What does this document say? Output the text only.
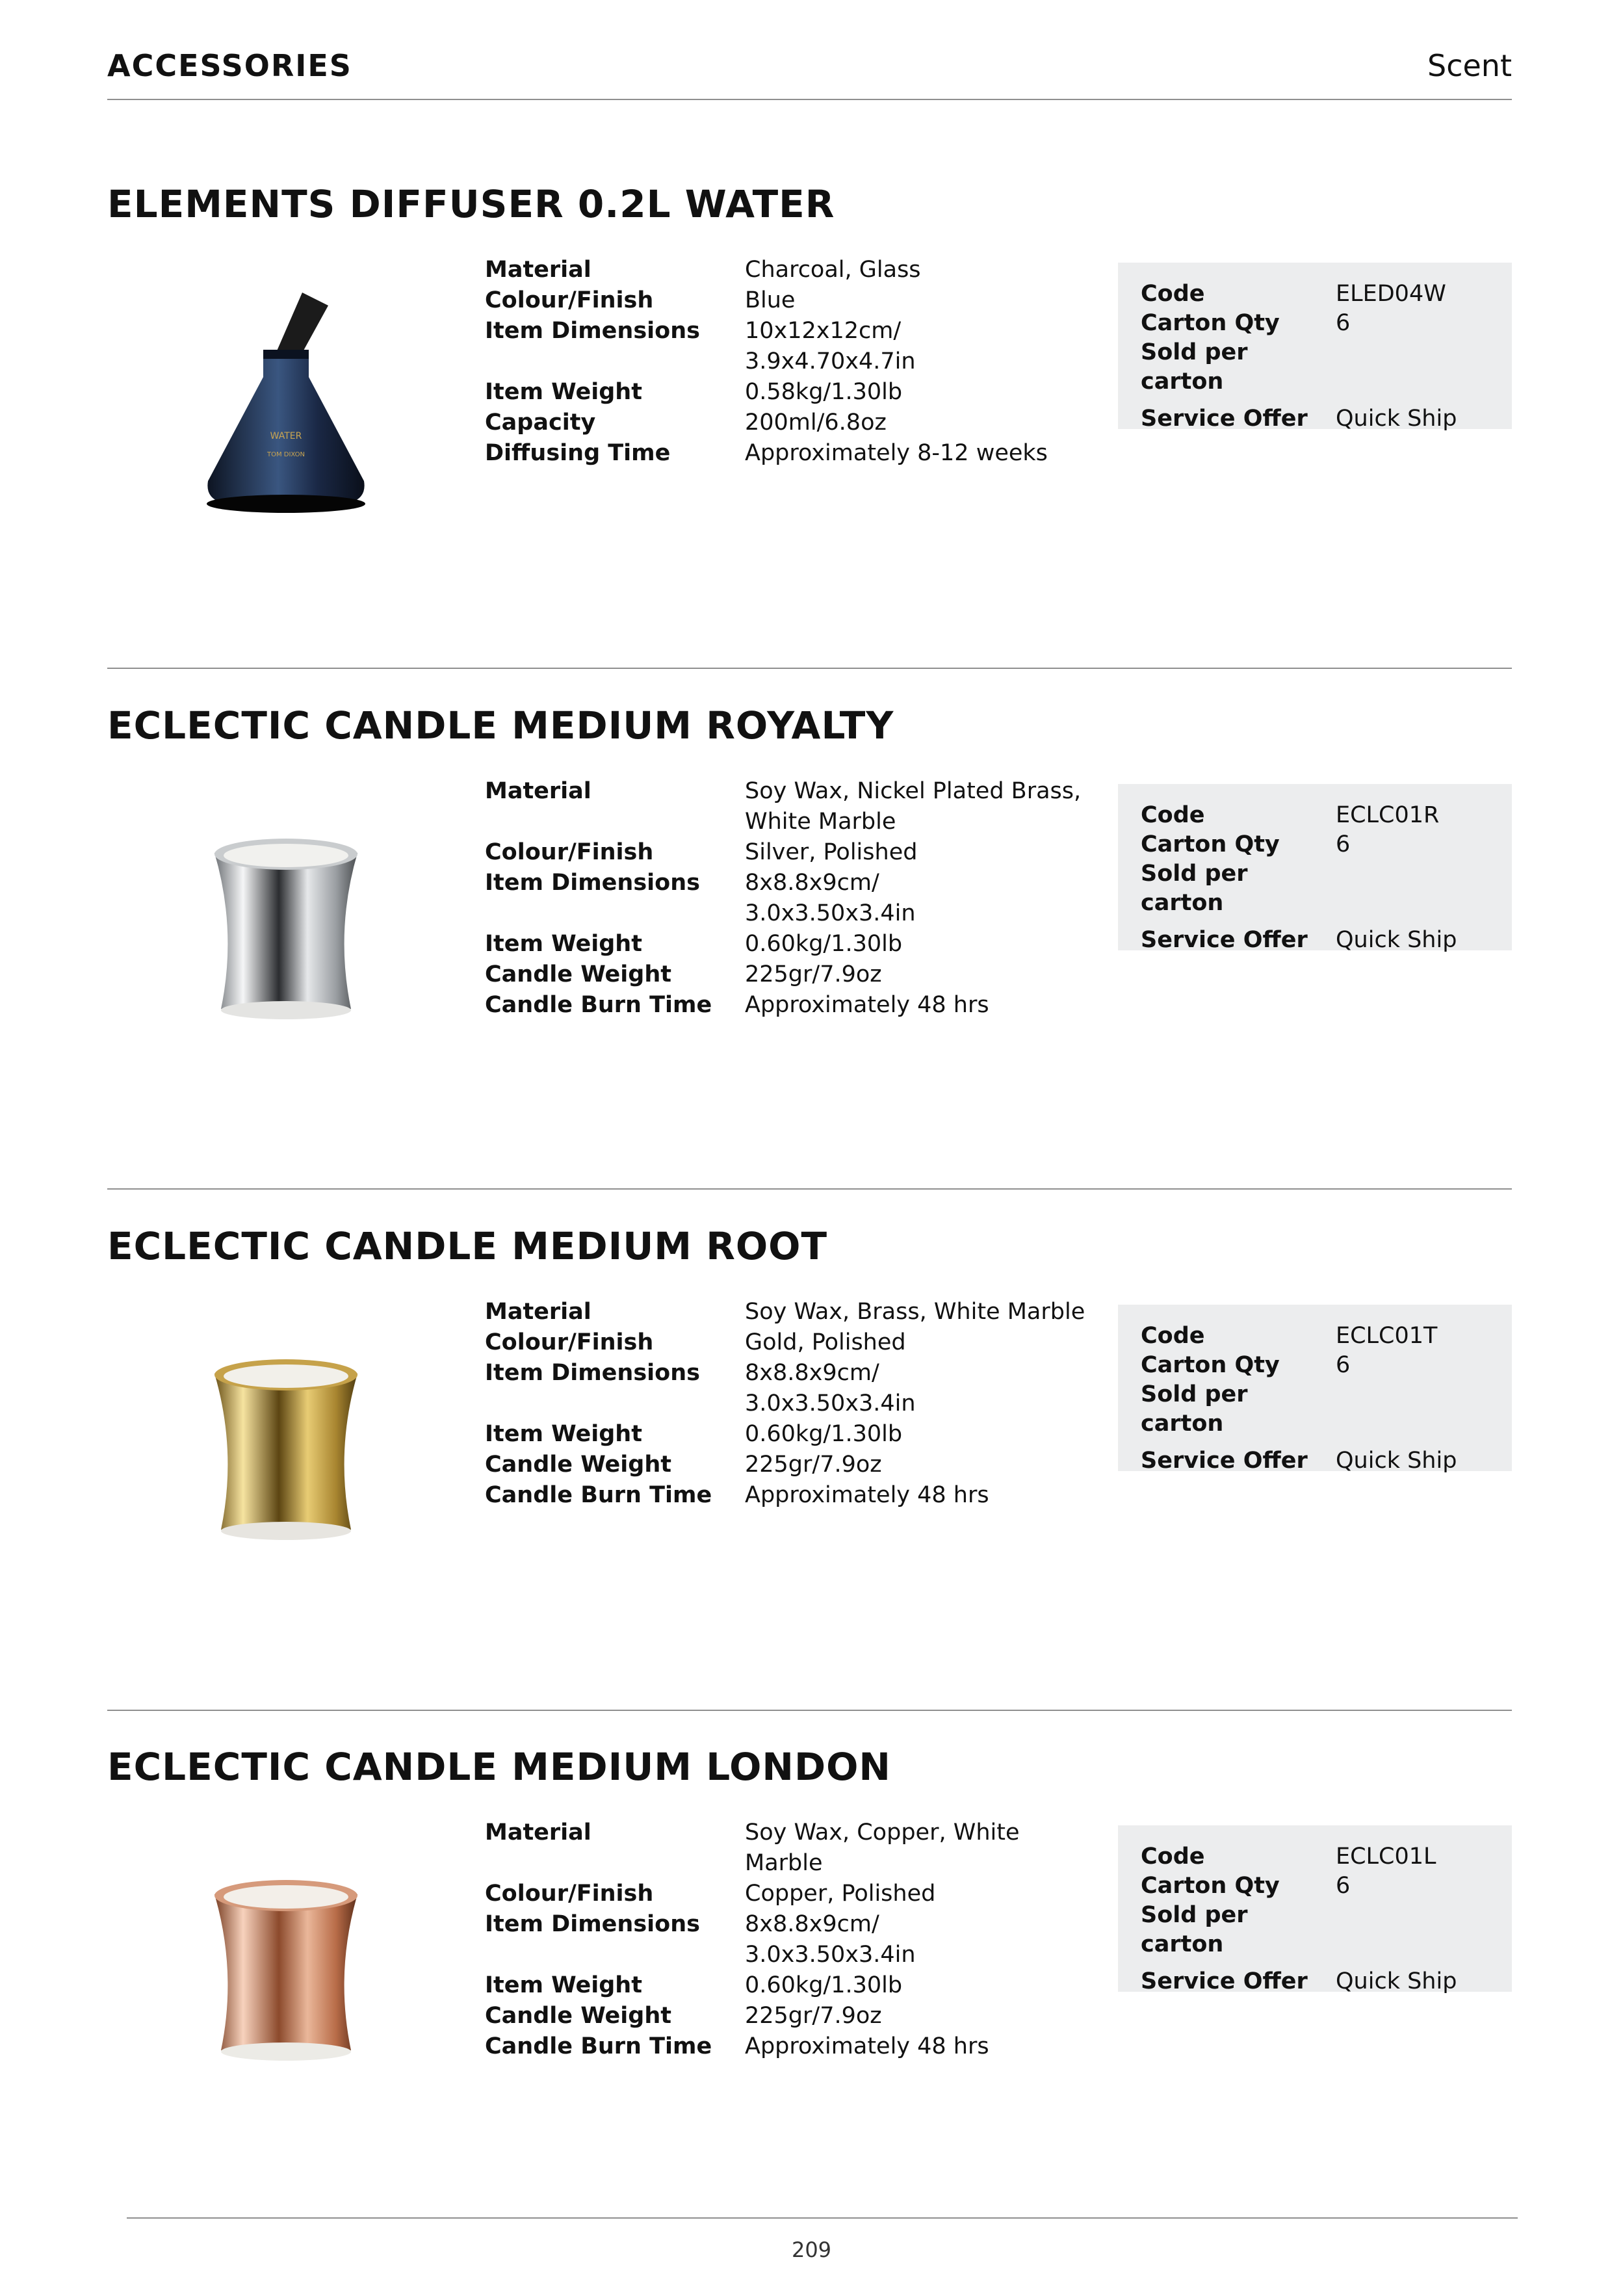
ACCESSORIES	Scent
ELEMENTS DIFFUSER 0.2L WATER
WATER
TOM DIXON
Material	Charcoal, Glass
Colour/Finish	Blue
Item Dimensions	10x12x12cm/
3.9x4.70x4.7in
Item Weight	0.58kg/1.30lb
Capacity	200ml/6.8oz
Diffusing Time	Approximately 8-12 weeks
Code	ELED04W
Carton Qty	6
Sold per carton
Service Offer	Quick Ship
ECLECTIC CANDLE MEDIUM ROYALTY
Material	Soy Wax, Nickel Plated Brass,
White Marble
Colour/Finish	Silver, Polished
Item Dimensions	8x8.8x9cm/
3.0x3.50x3.4in
Item Weight	0.60kg/1.30lb
Candle Weight	225gr/7.9oz
Candle Burn Time	Approximately 48 hrs
Code	ECLC01R
Carton Qty	6
Sold per carton
Service Offer	Quick Ship
ECLECTIC CANDLE MEDIUM ROOT
Material	Soy Wax, Brass, White Marble
Colour/Finish	Gold, Polished
Item Dimensions	8x8.8x9cm/
3.0x3.50x3.4in
Item Weight	0.60kg/1.30lb
Candle Weight	225gr/7.9oz
Candle Burn Time	Approximately 48 hrs
Code	ECLC01T
Carton Qty	6
Sold per carton
Service Offer	Quick Ship
ECLECTIC CANDLE MEDIUM LONDON
Material	Soy Wax, Copper, White Marble
Colour/Finish	Copper, Polished
Item Dimensions	8x8.8x9cm/
3.0x3.50x3.4in
Item Weight	0.60kg/1.30lb
Candle Weight	225gr/7.9oz
Candle Burn Time	Approximately 48 hrs
Code	ECLC01L
Carton Qty	6
Sold per carton
Service Offer	Quick Ship
209
